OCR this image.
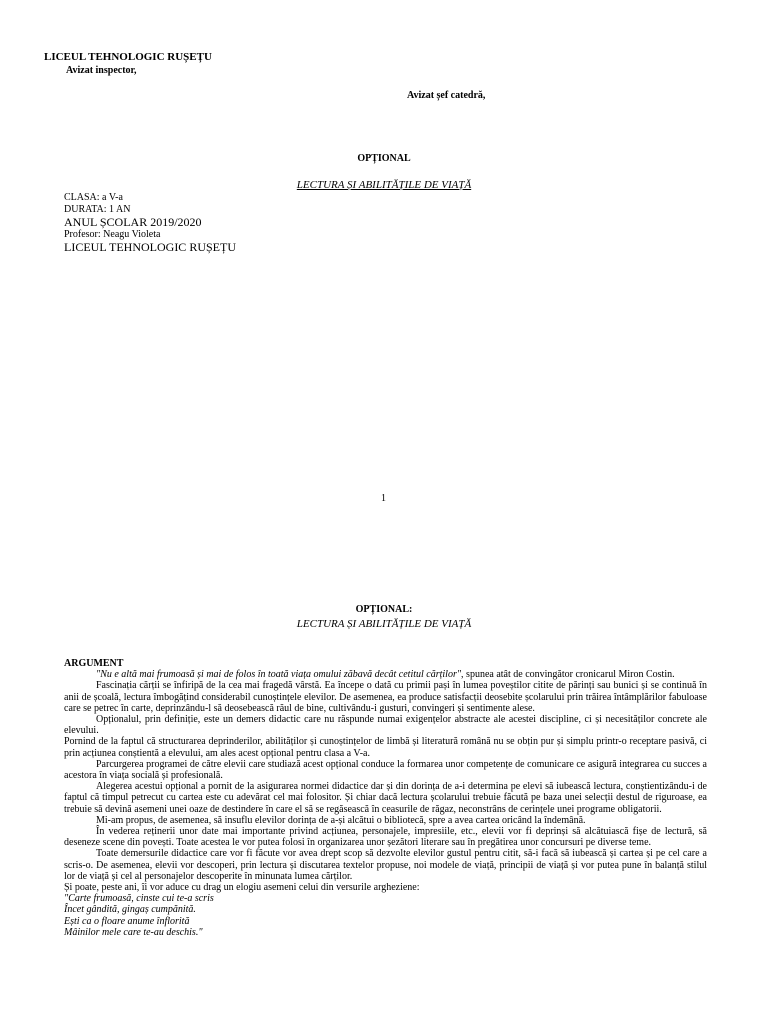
LICEUL TEHNOLOGIC RUȘEȚU
Avizat inspector,
Avizat șef catedră,
OPȚIONAL
LECTURA ȘI ABILITĂȚILE DE VIAȚĂ
CLASA: a V-a
DURATA: 1 AN
ANUL ȘCOLAR 2019/2020
Profesor: Neagu Violeta
LICEUL TEHNOLOGIC RUȘEȚU
1
OPȚIONAL:
LECTURA ȘI ABILITĂȚILE DE VIAȚĂ

ARGUMENT

"Nu e altă mai frumoasă și mai de folos în toată viața omului zăbavă decât cetitul cărților", spunea atât de convingător cronicarul Miron Costin.

Fascinația cărții se înfiripă de la cea mai fragedă vârstă. Ea începe o dată cu primii pași în lumea poveștilor citite de părinți sau bunici și se continuă în anii de școală, lectura îmbogățind considerabil cunoștințele elevilor. De asemenea, ea produce satisfacții deosebite școlarului prin trăirea întâmplărilor fabuloase care se petrec în carte, deprinzându-l să deosebească răul de bine, cultivându-i gusturi, convingeri și sentimente alese.

Opționalul, prin definiție, este un demers didactic care nu răspunde numai exigențelor abstracte ale acestei discipline, ci și necesităților concrete ale elevului.

Pornind de la faptul că structurarea deprinderilor, abilităților și cunoștințelor de limbă și literatură română nu se obțin pur și simplu printr-o receptare pasivă, ci prin acțiunea conștientă a elevului, am ales acest opțional pentru clasa a V-a.

Parcurgerea programei de către elevii care studiază acest opțional conduce la formarea unor competențe de comunicare ce asigură integrarea cu succes a acestora în viața socială și profesională.

Alegerea acestui opțional a pornit de la asigurarea normei didactice dar și din dorința de a-i determina pe elevi să iubească lectura, conștientizându-i de faptul că timpul petrecut cu cartea este cu adevărat cel mai folositor. Și chiar dacă lectura școlarului trebuie făcută pe baza unei selecții destul de riguroase, ea trebuie să devină asemeni unei oaze de destindere în care el să se regăsească în ceasurile de răgaz, neconstrâns de cerințele unei programe obligatorii.

Mi-am propus, de asemenea, să insuflu elevilor dorința de a-și alcătui o bibliotecă, spre a avea cartea oricând la îndemână.

În vederea reținerii unor date mai importante privind acțiunea, personajele, impresiile, etc., elevii vor fi deprinși să alcătuiască fișe de lectură, să deseneze scene din povești. Toate acestea le vor putea folosi în organizarea unor șezători literare sau în pregătirea unor concursuri pe diverse teme.

Toate demersurile didactice care vor fi făcute vor avea drept scop să dezvolte elevilor gustul pentru citit, să-i facă să iubească și cartea și pe cel care a scris-o. De asemenea, elevii vor descoperi, prin lectura și discutarea textelor propuse, noi modele de viață, principii de viață și vor putea pune în balanță stilul lor de viață și cel al personajelor descoperite în minunata lumea cărților.

Și poate, peste ani, îi vor aduce cu drag un elogiu asemeni celui din versurile argheziene:

"Carte frumoasă, cinste cui te-a scris

Încet gândită, gingaș cumpănită.

Ești ca o floare anume înflorită

Mâinilor mele care te-au deschis."
